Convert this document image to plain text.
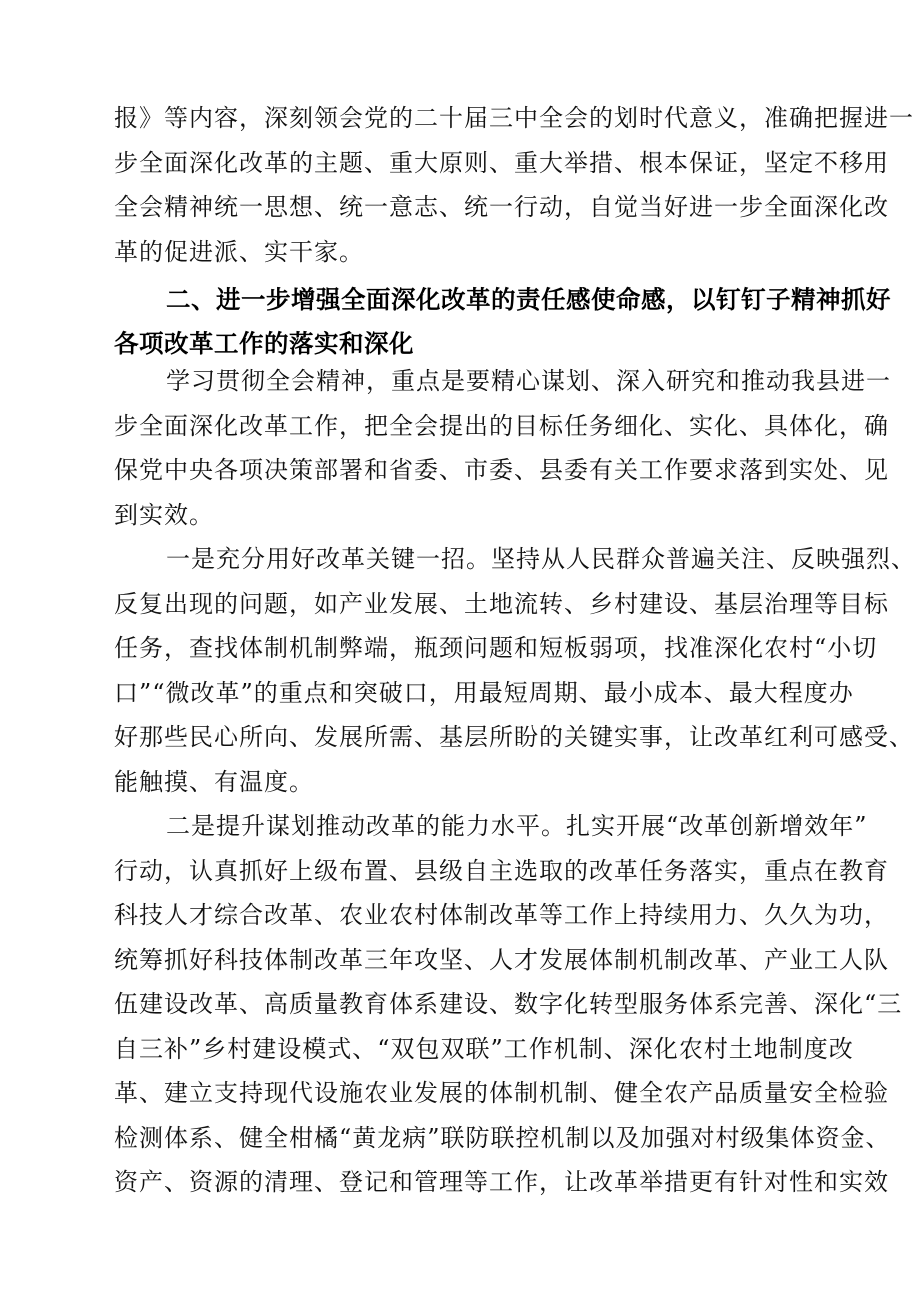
报》等内容，深刻领会党的二十届三中全会的划时代意义，准确把握进一
步全面深化改革的主题、重大原则、重大举措、根本保证，坚定不移用
全会精神统一思想、统一意志、统一行动，自觉当好进一步全面深化改
革的促进派、实干家。
二、进一步增强全面深化改革的责任感使命感，以钉钉子精神抓好
各项改革工作的落实和深化
学习贯彻全会精神，重点是要精心谋划、深入研究和推动我县进一
步全面深化改革工作，把全会提出的目标任务细化、实化、具体化，确
保党中央各项决策部署和省委、市委、县委有关工作要求落到实处、见
到实效。
一是充分用好改革关键一招。坚持从人民群众普遍关注、反映强烈、
反复出现的问题，如产业发展、土地流转、乡村建设、基层治理等目标
任务，查找体制机制弊端，瓶颈问题和短板弱项，找准深化农村“小切
口”“微改革”的重点和突破口，用最短周期、最小成本、最大程度办
好那些民心所向、发展所需、基层所盼的关键实事，让改革红利可感受、
能触摸、有温度。
二是提升谋划推动改革的能力水平。扎实开展“改革创新增效年”
行动，认真抓好上级布置、县级自主选取的改革任务落实，重点在教育
科技人才综合改革、农业农村体制改革等工作上持续用力、久久为功，
统筹抓好科技体制改革三年攻坚、人才发展体制机制改革、产业工人队
伍建设改革、高质量教育体系建设、数字化转型服务体系完善、深化“三
自三补”乡村建设模式、“双包双联”工作机制、深化农村土地制度改
革、建立支持现代设施农业发展的体制机制、健全农产品质量安全检验
检测体系、健全柑橘“黄龙病”联防联控机制以及加强对村级集体资金、
资产、资源的清理、登记和管理等工作，让改革举措更有针对性和实效
